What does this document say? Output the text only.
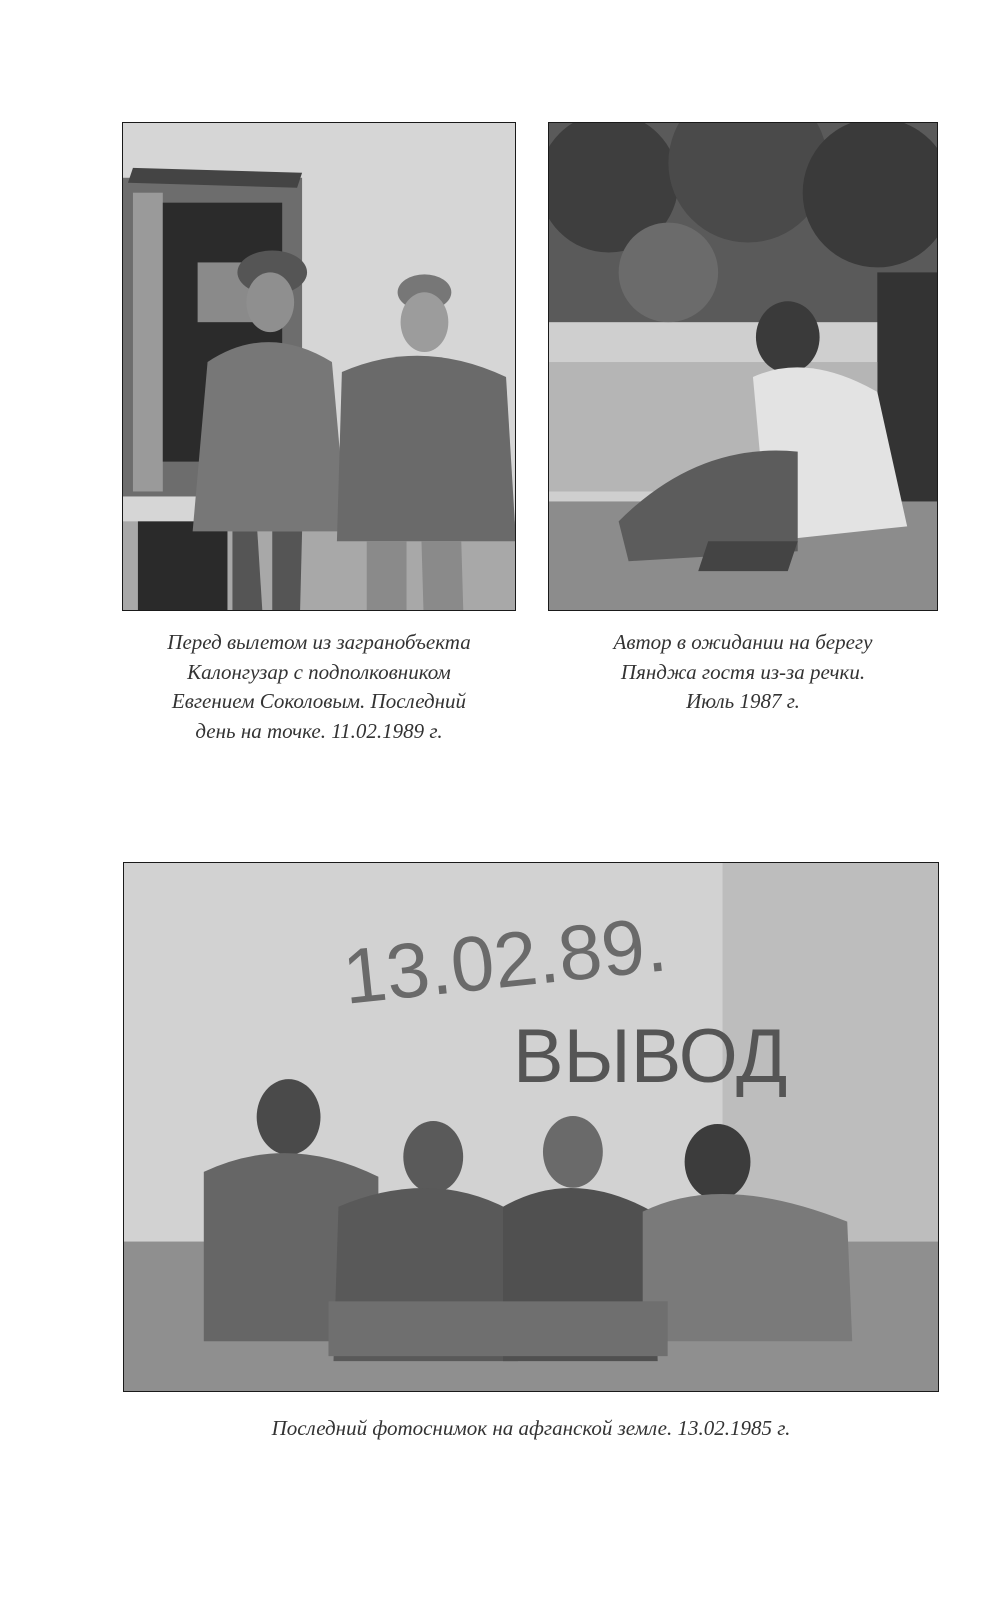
Перед вылетом из загранобъекта
Калонгузар с подполковником
Евгением Соколовым. Последний
день на точке. 11.02.1989 г.
Автор в ожидании на берегу
Пянджа гостя из-за речки.
Июль 1987 г.
13.02.89.
ВЫВОД
Последний фотоснимок на афганской земле. 13.02.1985 г.
